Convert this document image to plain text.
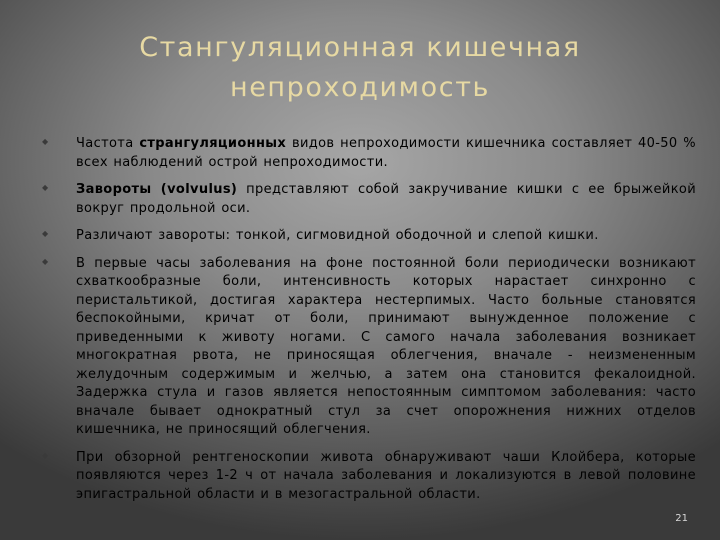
Стангуляционная кишечная
непроходимость
◆ Частота странгуляционных видов непроходимости кишечника составляет 40-50 % всех наблюдений острой непроходимости.
◆ Завороты (volvulus) представляют собой закручивание кишки с ее брыжейкой вокруг продольной оси.
◆ Различают завороты: тонкой, сигмовидной ободочной и слепой кишки.
◆ В первые часы заболевания на фоне постоянной боли периодически возникают схваткообразные боли, интенсивность которых нарастает синхронно с перистальтикой, достигая характера нестерпимых. Часто больные становятся беспокойными, кричат от боли, принимают вынужденное положение с приведенными к животу ногами. С самого начала заболевания возникает многократная рвота, не приносящая облегчения, вначале - неизмененным желудочным содержимым и желчью, а затем она становится фекалоидной. Задержка стула и газов является непостоянным симптомом заболевания: часто вначале бывает однократный стул за счет опорожнения нижних отделов кишечника, не приносящий облегчения.
◆ При обзорной рентгеноскопии живота обнаруживают чаши Клойбера, которые появляются через 1-2 ч от начала заболевания и локализуются в левой половине эпигастральной области и в мезогастральной области.
21
